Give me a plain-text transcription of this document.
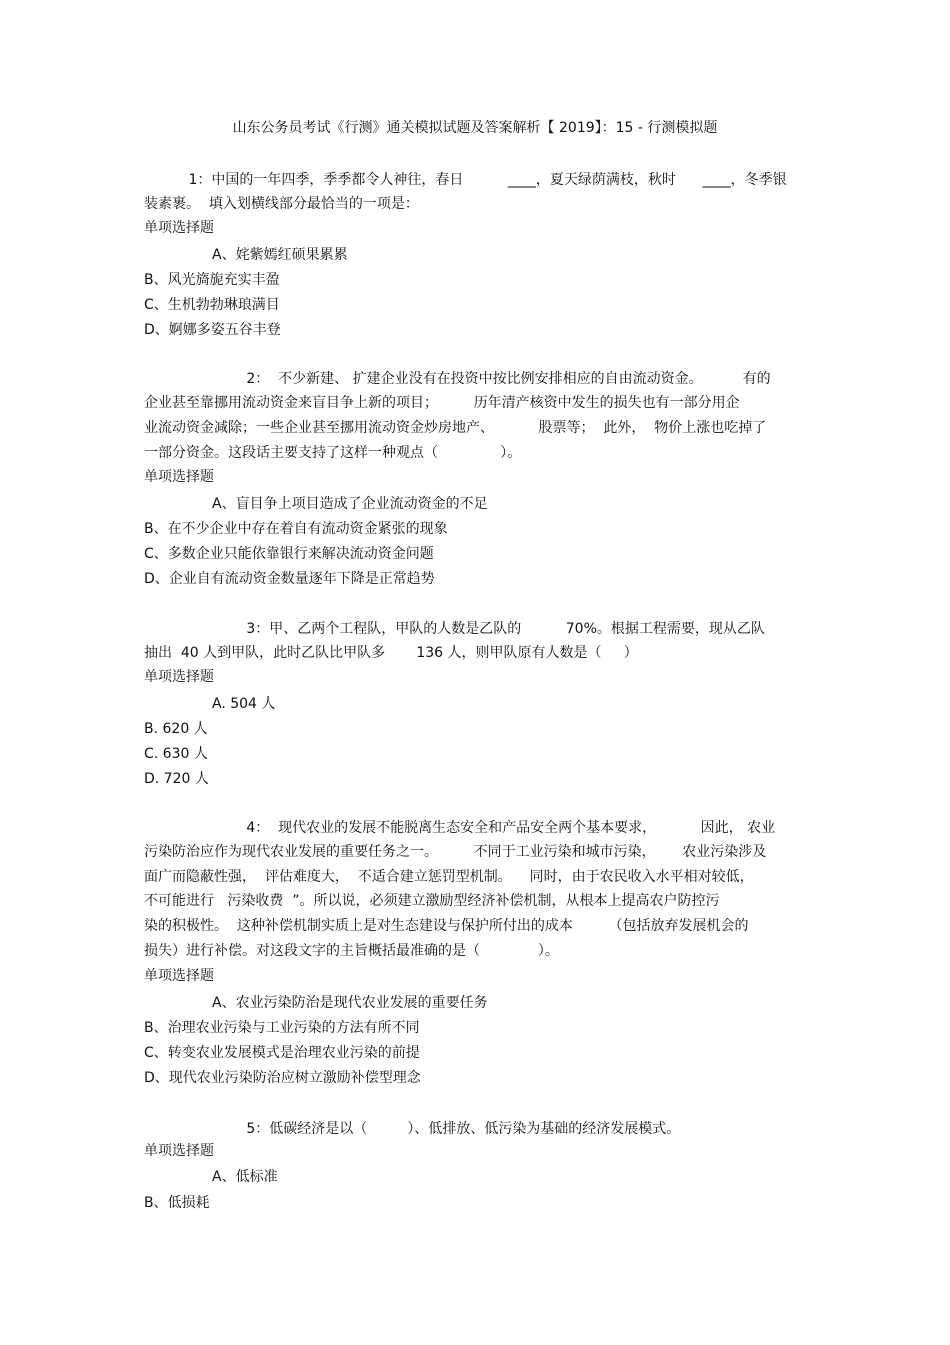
山东公务员考试《行测》通关模拟试题及答案解析【 2019】：15 - 行测模拟题
1：中国的一年四季，季季都令人神往，春日          ____，夏天绿荫满枝，秋时      ____，冬季银
装素裹。  填入划横线部分最恰当的一项是：
单项选择题
A、姹紫嫣红硕果累累
B、风光旖旎充实丰盈
C、生机勃勃琳琅满目
D、婀娜多姿五谷丰登
2：  不少新建、 扩建企业没有在投资中按比例安排相应的自由流动资金。         有的
企业甚至靠挪用流动资金来盲目争上新的项目；        历年清产核资中发生的损失也有一部分用企
业流动资金减除；一些企业甚至挪用流动资金炒房地产、          股票等；  此外，  物价上涨也吃掉了
一部分资金。这段话主要支持了这样一种观点（              ）。
单项选择题
A、盲目争上项目造成了企业流动资金的不足
B、在不少企业中存在着自有流动资金紧张的现象
C、多数企业只能依靠银行来解决流动资金问题
D、企业自有流动资金数量逐年下降是正常趋势
3：甲、乙两个工程队，甲队的人数是乙队的          70%。根据工程需要，现从乙队
抽出  40 人到甲队，此时乙队比甲队多       136 人，则甲队原有人数是（     ）
单项选择题
A. 504 人
B. 620 人
C. 630 人
D. 720 人
4：  现代农业的发展不能脱离生态安全和产品安全两个基本要求，          因此， 农业
污染防治应作为现代农业发展的重要任务之一。        不同于工业污染和城市污染，      农业污染涉及
面广而隐蔽性强，  评估难度大，  不适合建立惩罚型机制。    同时，由于农民收入水平相对较低，
不可能进行   污染收费  ”。所以说，必须建立激励型经济补偿机制，从根本上提高农户防控污
染的积极性。  这种补偿机制实质上是对生态建设与保护所付出的成本        （包括放弃发展机会的
损失）进行补偿。对这段文字的主旨概括最准确的是（             ）。
单项选择题
A、农业污染防治是现代农业发展的重要任务
B、治理农业污染与工业污染的方法有所不同
C、转变农业发展模式是治理农业污染的前提
D、现代农业污染防治应树立激励补偿型理念
5：低碳经济是以（         ）、低排放、低污染为基础的经济发展模式。
单项选择题
A、低标准
B、低损耗
